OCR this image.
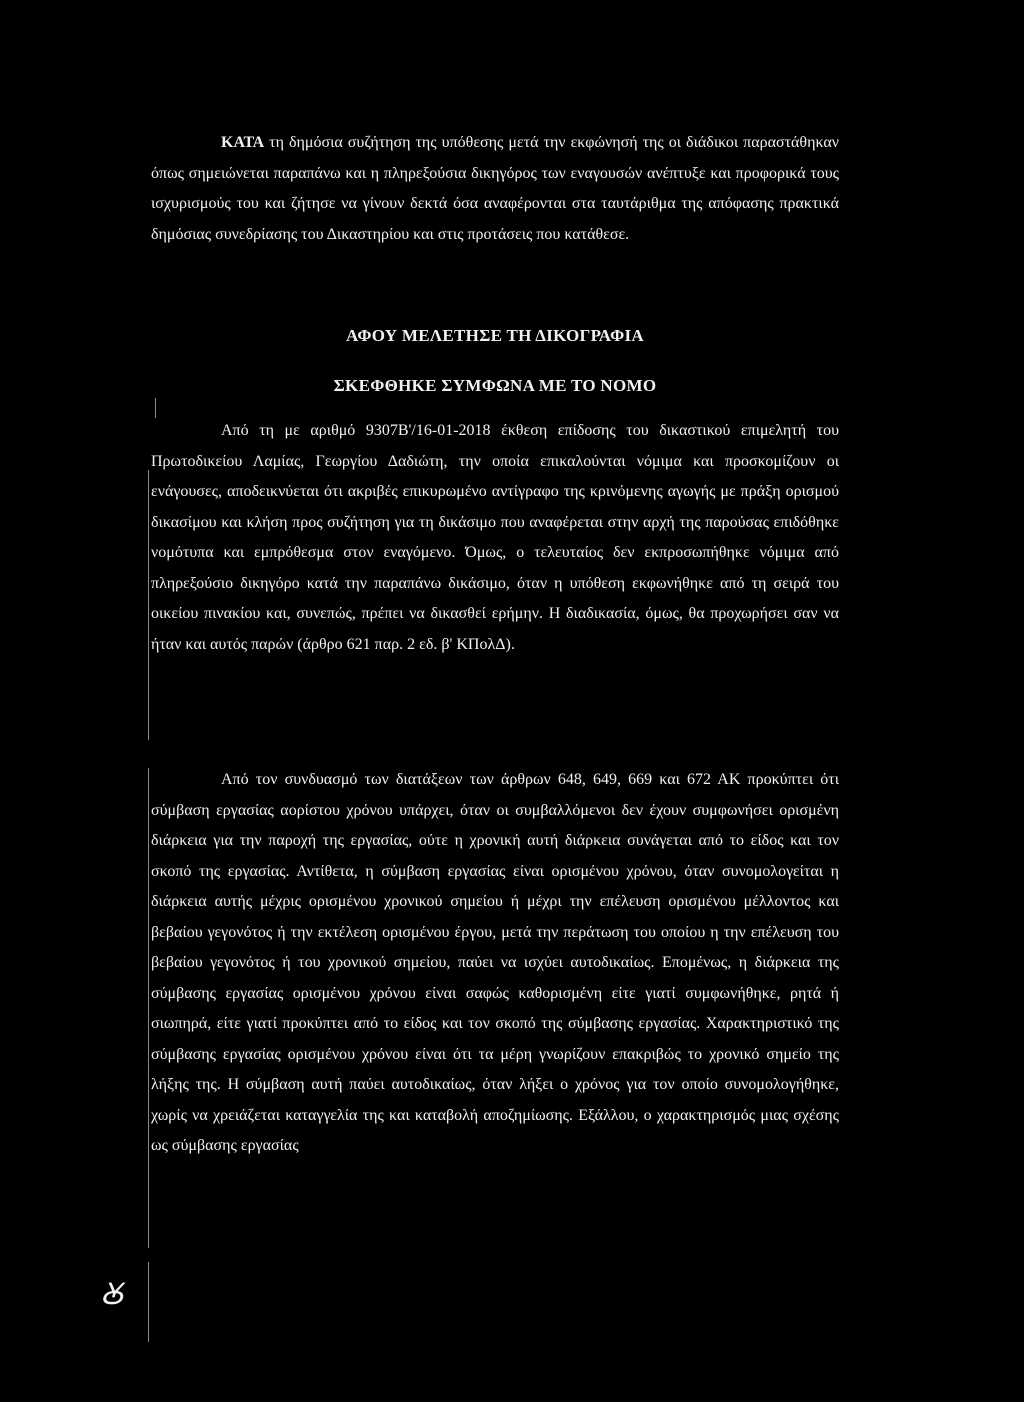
ΚΑΤΑ τη δημόσια συζήτηση της υπόθεσης μετά την εκφώνησή της οι διάδικοι παραστάθηκαν όπως σημειώνεται παραπάνω και η πληρεξούσια δικηγόρος των εναγουσών ανέπτυξε και προφορικά τους ισχυρισμούς του και ζήτησε να γίνουν δεκτά όσα αναφέρονται στα ταυτάριθμα της απόφασης πρακτικά δημόσιας συνεδρίασης του Δικαστηρίου και στις προτάσεις που κατάθεσε.

ΑΦΟΥ ΜΕΛΕΤΗΣΕ ΤΗ ΔΙΚΟΓΡΑΦΙΑ

ΣΚΕΦΘΗΚΕ ΣΥΜΦΩΝΑ ΜΕ ΤΟ ΝΟΜΟ

Από τη με αριθμό 9307Β'/16-01-2018 έκθεση επίδοσης του δικαστικού επιμελητή του Πρωτοδικείου Λαμίας, Γεωργίου Δαδιώτη, την οποία επικαλούνται νόμιμα και προσκομίζουν οι ενάγουσες, αποδεικνύεται ότι ακριβές επικυρωμένο αντίγραφο της κρινόμενης αγωγής με πράξη ορισμού δικασίμου και κλήση προς συζήτηση για τη δικάσιμο που αναφέρεται στην αρχή της παρούσας επιδόθηκε νομότυπα και εμπρόθεσμα στον εναγόμενο. Όμως, ο τελευταίος δεν εκπροσωπήθηκε νόμιμα από πληρεξούσιο δικηγόρο κατά την παραπάνω δικάσιμο, όταν η υπόθεση εκφωνήθηκε από τη σειρά του οικείου πινακίου και, συνεπώς, πρέπει να δικασθεί ερήμην. Η διαδικασία, όμως, θα προχωρήσει σαν να ήταν και αυτός παρών (άρθρο 621 παρ. 2 εδ. β' ΚΠολΔ).

Από τον συνδυασμό των διατάξεων των άρθρων 648, 649, 669 και 672 ΑΚ προκύπτει ότι σύμβαση εργασίας αορίστου χρόνου υπάρχει, όταν οι συμβαλλόμενοι δεν έχουν συμφωνήσει ορισμένη διάρκεια για την παροχή της εργασίας, ούτε η χρονική αυτή διάρκεια συνάγεται από το είδος και τον σκοπό της εργασίας. Αντίθετα, η σύμβαση εργασίας είναι ορισμένου χρόνου, όταν συνομολογείται η διάρκεια αυτής μέχρις ορισμένου χρονικού σημείου ή μέχρι την επέλευση ορισμένου μέλλοντος και βεβαίου γεγονότος ή την εκτέλεση ορισμένου έργου, μετά την περάτωση του οποίου η την επέλευση του βεβαίου γεγονότος ή του χρονικού σημείου, παύει να ισχύει αυτοδικαίως. Επομένως, η διάρκεια της σύμβασης εργασίας ορισμένου χρόνου είναι σαφώς καθορισμένη είτε γιατί συμφωνήθηκε, ρητά ή σιωπηρά, είτε γιατί προκύπτει από το είδος και τον σκοπό της σύμβασης εργασίας. Χαρακτηριστικό της σύμβασης εργασίας ορισμένου χρόνου είναι ότι τα μέρη γνωρίζουν επακριβώς το χρονικό σημείο της λήξης της. Η σύμβαση αυτή παύει αυτοδικαίως, όταν λήξει ο χρόνος για τον οποίο συνομολογήθηκε, χωρίς να χρειάζεται καταγγελία της και καταβολή αποζημίωσης. Εξάλλου, ο χαρακτηρισμός μιας σχέσης ως σύμβασης εργασίας

Ꙋ
